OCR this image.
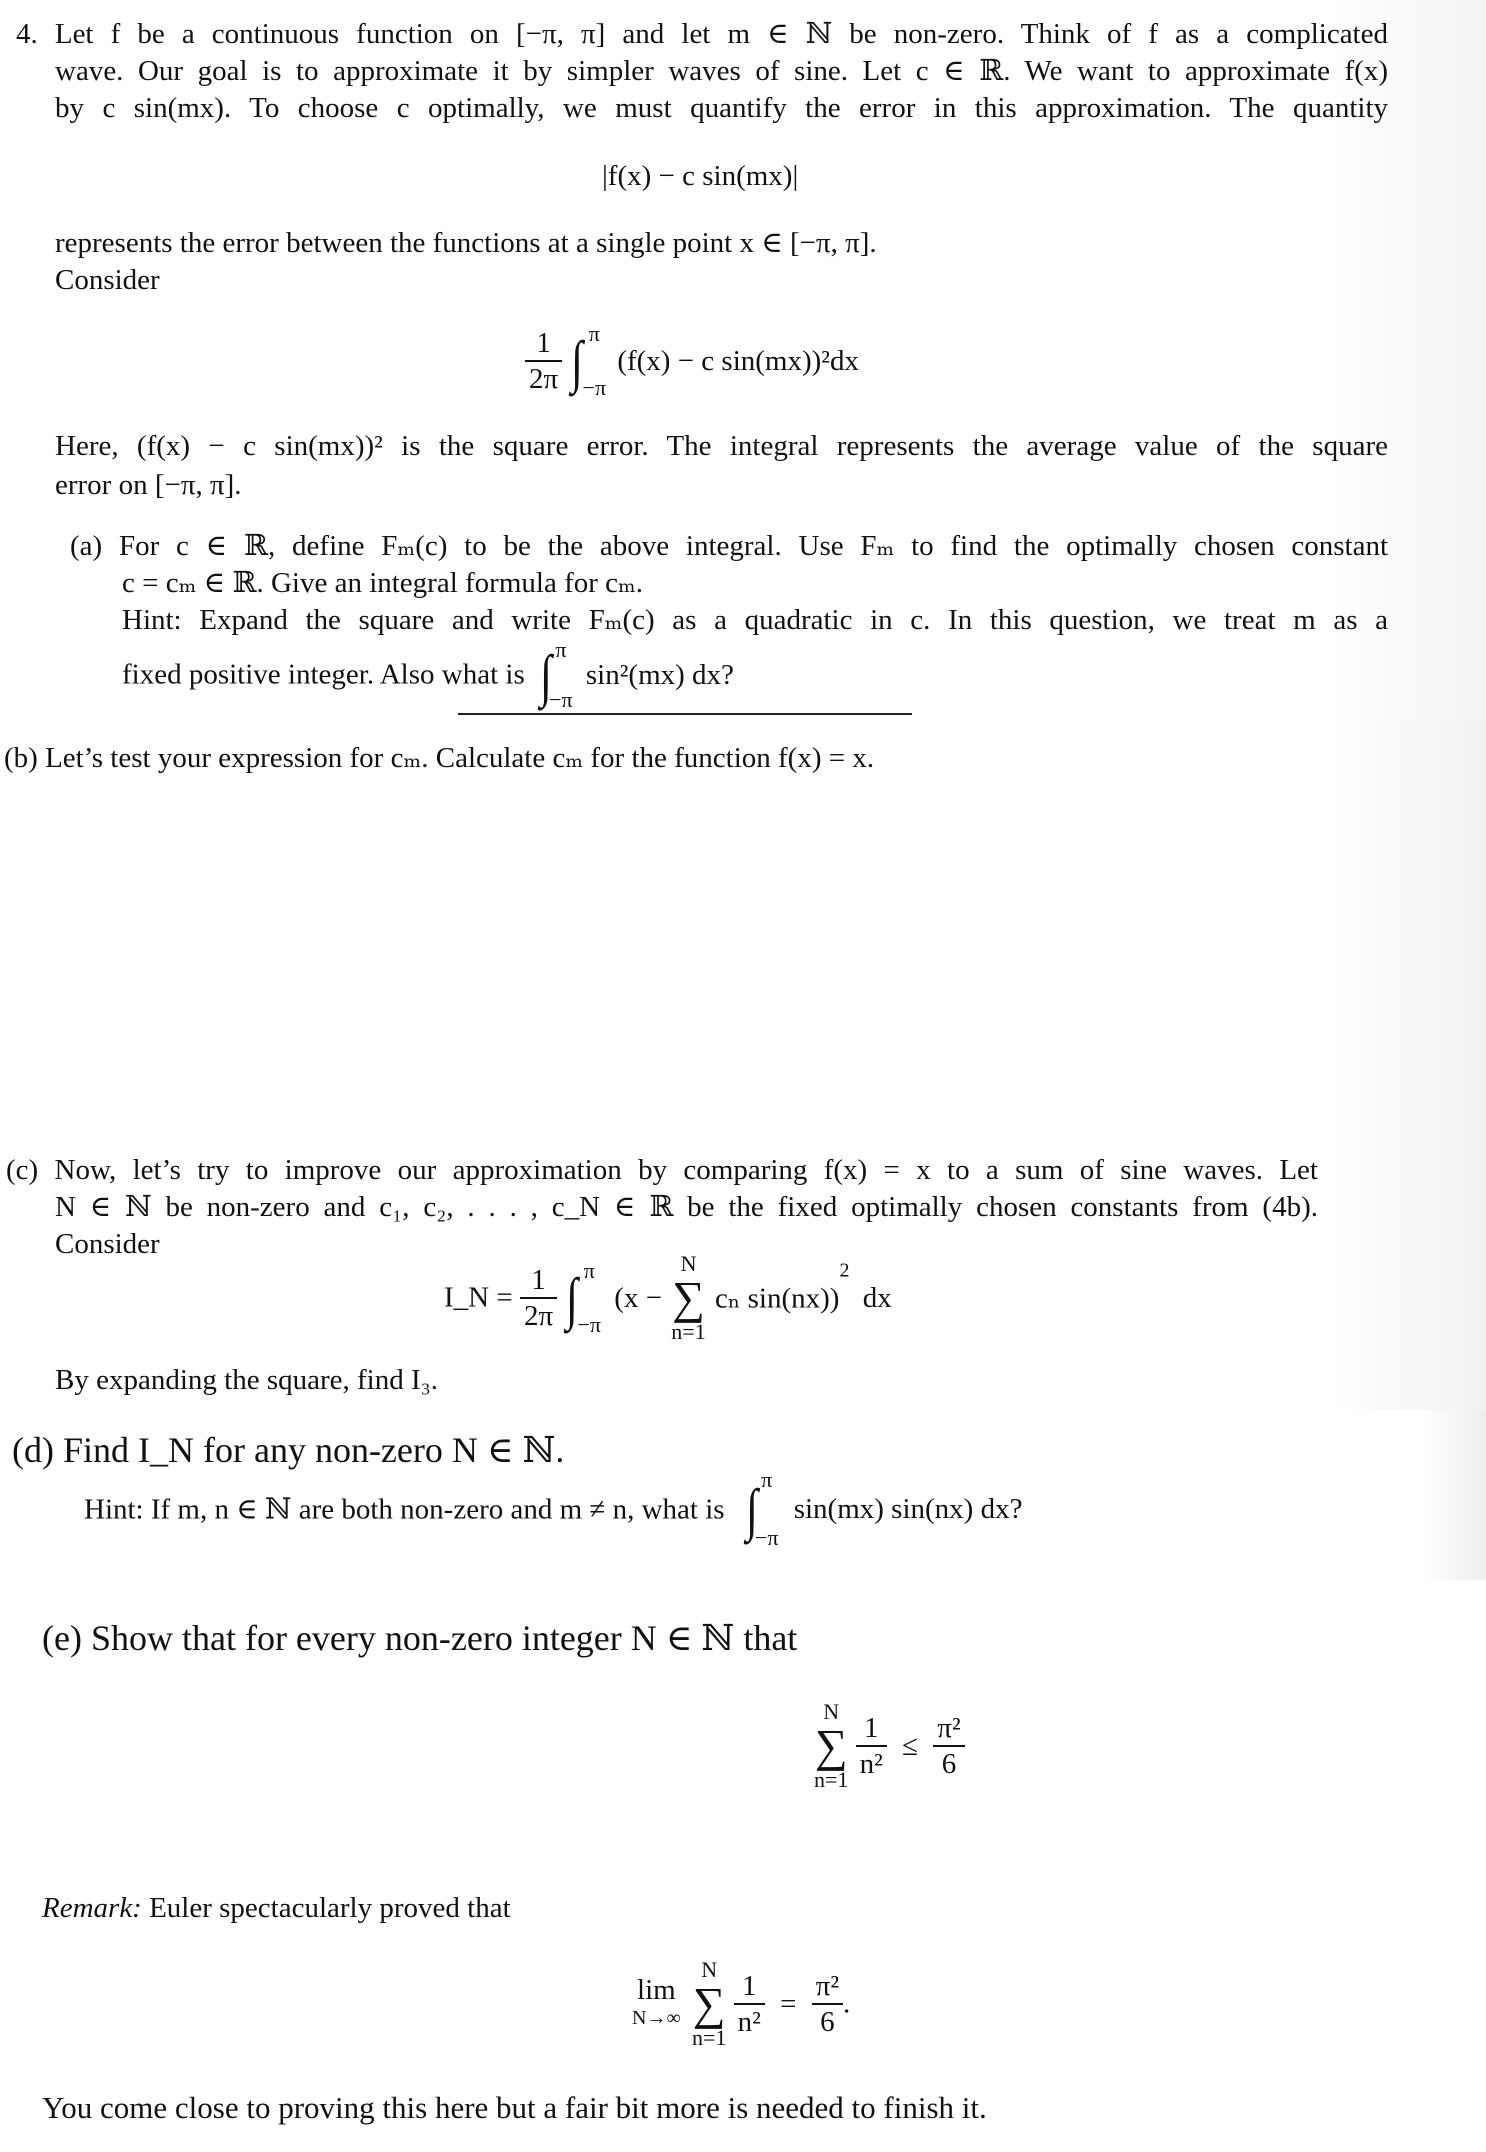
4. Let f be a continuous function on [−π, π] and let m ∈ ℕ be non-zero. Think of f as a complicated
wave. Our goal is to approximate it by simpler waves of sine. Let c ∈ ℝ. We want to approximate f(x)
by c sin(mx). To choose c optimally, we must quantify the error in this approximation. The quantity
|f(x) − c sin(mx)|
represents the error between the functions at a single point x ∈ [−π, π].
Consider
$\frac{1}{2\pi}$ ∫ π
−π
(f(x) − c sin(mx))²dx
Here, (f(x) − c sin(mx))² is the square error. The integral represents the average value of the square
error on [−π, π].
(a) For c ∈ ℝ, define Fₘ(c) to be the above integral. Use Fₘ to find the optimally chosen constant
c = cₘ ∈ ℝ. Give an integral formula for cₘ.
Hint: Expand the square and write Fₘ(c) as a quadratic in c. In this question, we treat m as a
fixed positive integer. Also what is ∫ π
−π
sin²(mx) dx?
(b) Let’s test your expression for cₘ. Calculate cₘ for the function f(x) = x.
(c) Now, let’s try to improve our approximation by comparing f(x) = x to a sum of sine waves. Let
N ∈ ℕ be non-zero and c₁, c₂, . . . , c_N ∈ ℝ be the fixed optimally chosen constants from (4b).
Consider
I_N = $\frac{1}{2\pi}$ ∫ π
−π
(x −
N
∑
n=1
cₙ sin(nx))$^2$ dx
By expanding the square, find I₃.
(d) Find I_N for any non-zero N ∈ ℕ.
Hint: If m, n ∈ ℕ are both non-zero and m ≠ n, what is ∫ π
−π
sin(mx) sin(nx) dx?
(e) Show that for every non-zero integer N ∈ ℕ that
N
∑
n=1
$\frac{1}{\text{n²}} \le \frac{\text{π²}}{6}$
Remark: Euler spectacularly proved that
lim
N→∞

N
∑
n=1
$\frac{1}{\text{n²}} = \frac{\text{π²}}{6}$ .
You come close to proving this here but a fair bit more is needed to finish it.
